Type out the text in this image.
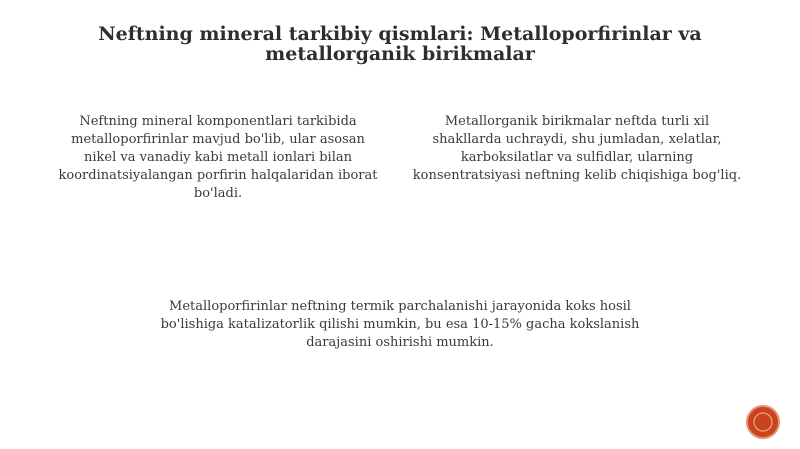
Neftning mineral tarkibiy qismlari: Metalloporfirinlar va metallorganik birikmalar

Neftning mineral komponentlari tarkibida metalloporfirinlar mavjud bo'lib, ular asosan nikel va vanadiy kabi metall ionlari bilan koordinatsiyalangan porfirin halqalaridan iborat bo'ladi.

Metallorganik birikmalar neftda turli xil shakllarda uchraydi, shu jumladan, xelatlar, karboksilatlar va sulfidlar, ularning konsentratsiyasi neftning kelib chiqishiga bog'liq.

Metalloporfirinlar neftning termik parchalanishi jarayonida koks hosil bo'lishiga katalizatorlik qilishi mumkin, bu esa 10-15% gacha kokslanish darajasini oshirishi mumkin.
